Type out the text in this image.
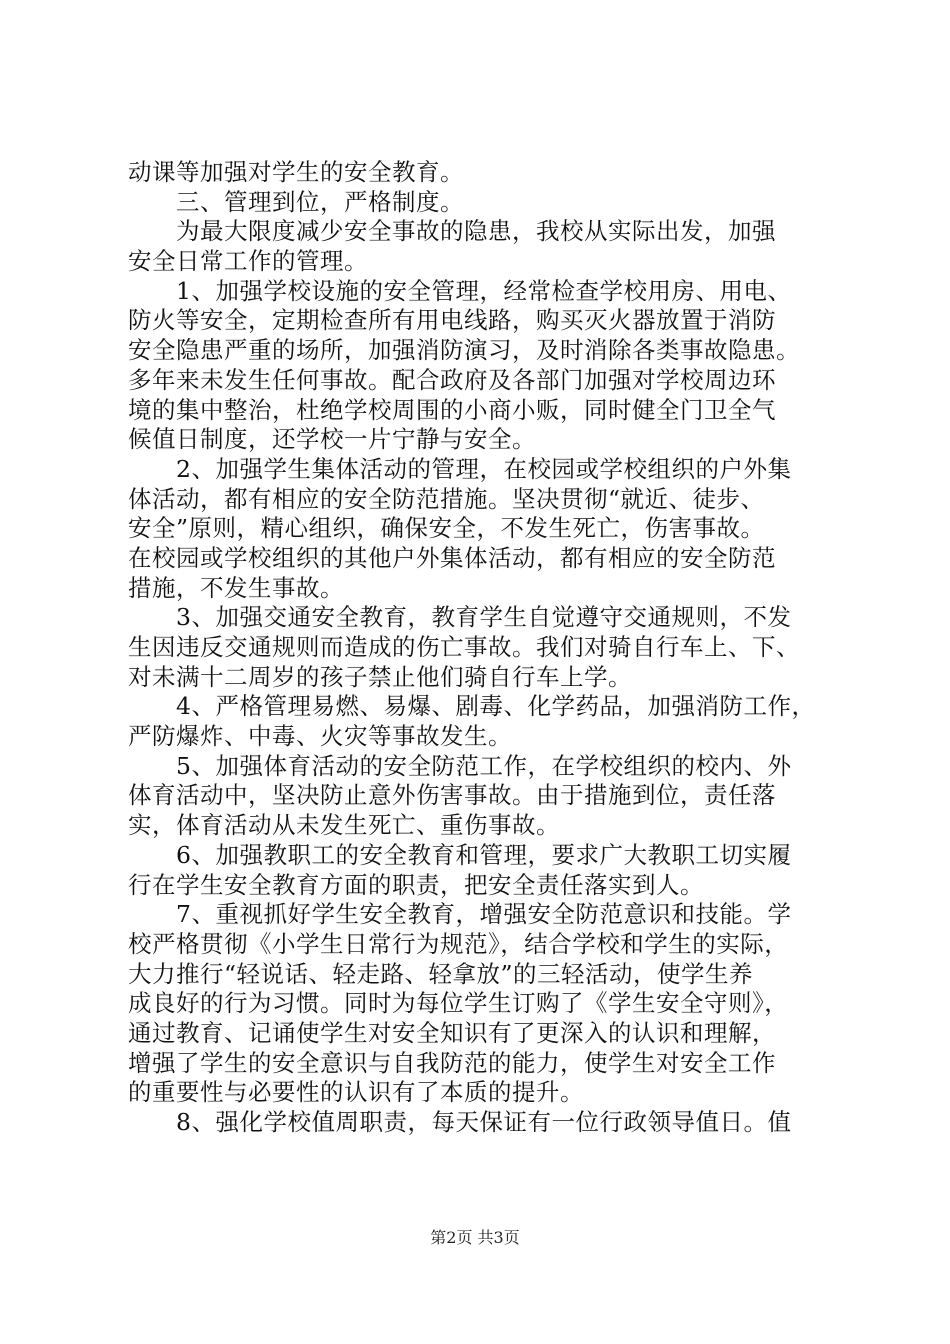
动课等加强对学生的安全教育。
　　三、管理到位，严格制度。
　　为最大限度减少安全事故的隐患，我校从实际出发，加强
安全日常工作的管理。
　　1、加强学校设施的安全管理，经常检查学校用房、用电、
防火等安全，定期检查所有用电线路，购买灭火器放置于消防
安全隐患严重的场所，加强消防演习，及时消除各类事故隐患。
多年来未发生任何事故。配合政府及各部门加强对学校周边环
境的集中整治，杜绝学校周围的小商小贩，同时健全门卫全气
候值日制度，还学校一片宁静与安全。
　　2、加强学生集体活动的管理，在校园或学校组织的户外集
体活动，都有相应的安全防范措施。坚决贯彻“就近、徒步、
安全”原则，精心组织，确保安全，不发生死亡，伤害事故。
在校园或学校组织的其他户外集体活动，都有相应的安全防范
措施，不发生事故。
　　3、加强交通安全教育，教育学生自觉遵守交通规则，不发
生因违反交通规则而造成的伤亡事故。我们对骑自行车上、下、
对未满十二周岁的孩子禁止他们骑自行车上学。
　　4、严格管理易燃、易爆、剧毒、化学药品，加强消防工作，
严防爆炸、中毒、火灾等事故发生。
　　5、加强体育活动的安全防范工作，在学校组织的校内、外
体育活动中，坚决防止意外伤害事故。由于措施到位，责任落
实，体育活动从未发生死亡、重伤事故。
　　6、加强教职工的安全教育和管理，要求广大教职工切实履
行在学生安全教育方面的职责，把安全责任落实到人。
　　7、重视抓好学生安全教育，增强安全防范意识和技能。学
校严格贯彻《小学生日常行为规范》，结合学校和学生的实际，
大力推行“轻说话、轻走路、轻拿放”的三轻活动，使学生养
成良好的行为习惯。同时为每位学生订购了《学生安全守则》，
通过教育、记诵使学生对安全知识有了更深入的认识和理解，
增强了学生的安全意识与自我防范的能力，使学生对安全工作
的重要性与必要性的认识有了本质的提升。
　　8、强化学校值周职责，每天保证有一位行政领导值日。值
第2页 共3页
